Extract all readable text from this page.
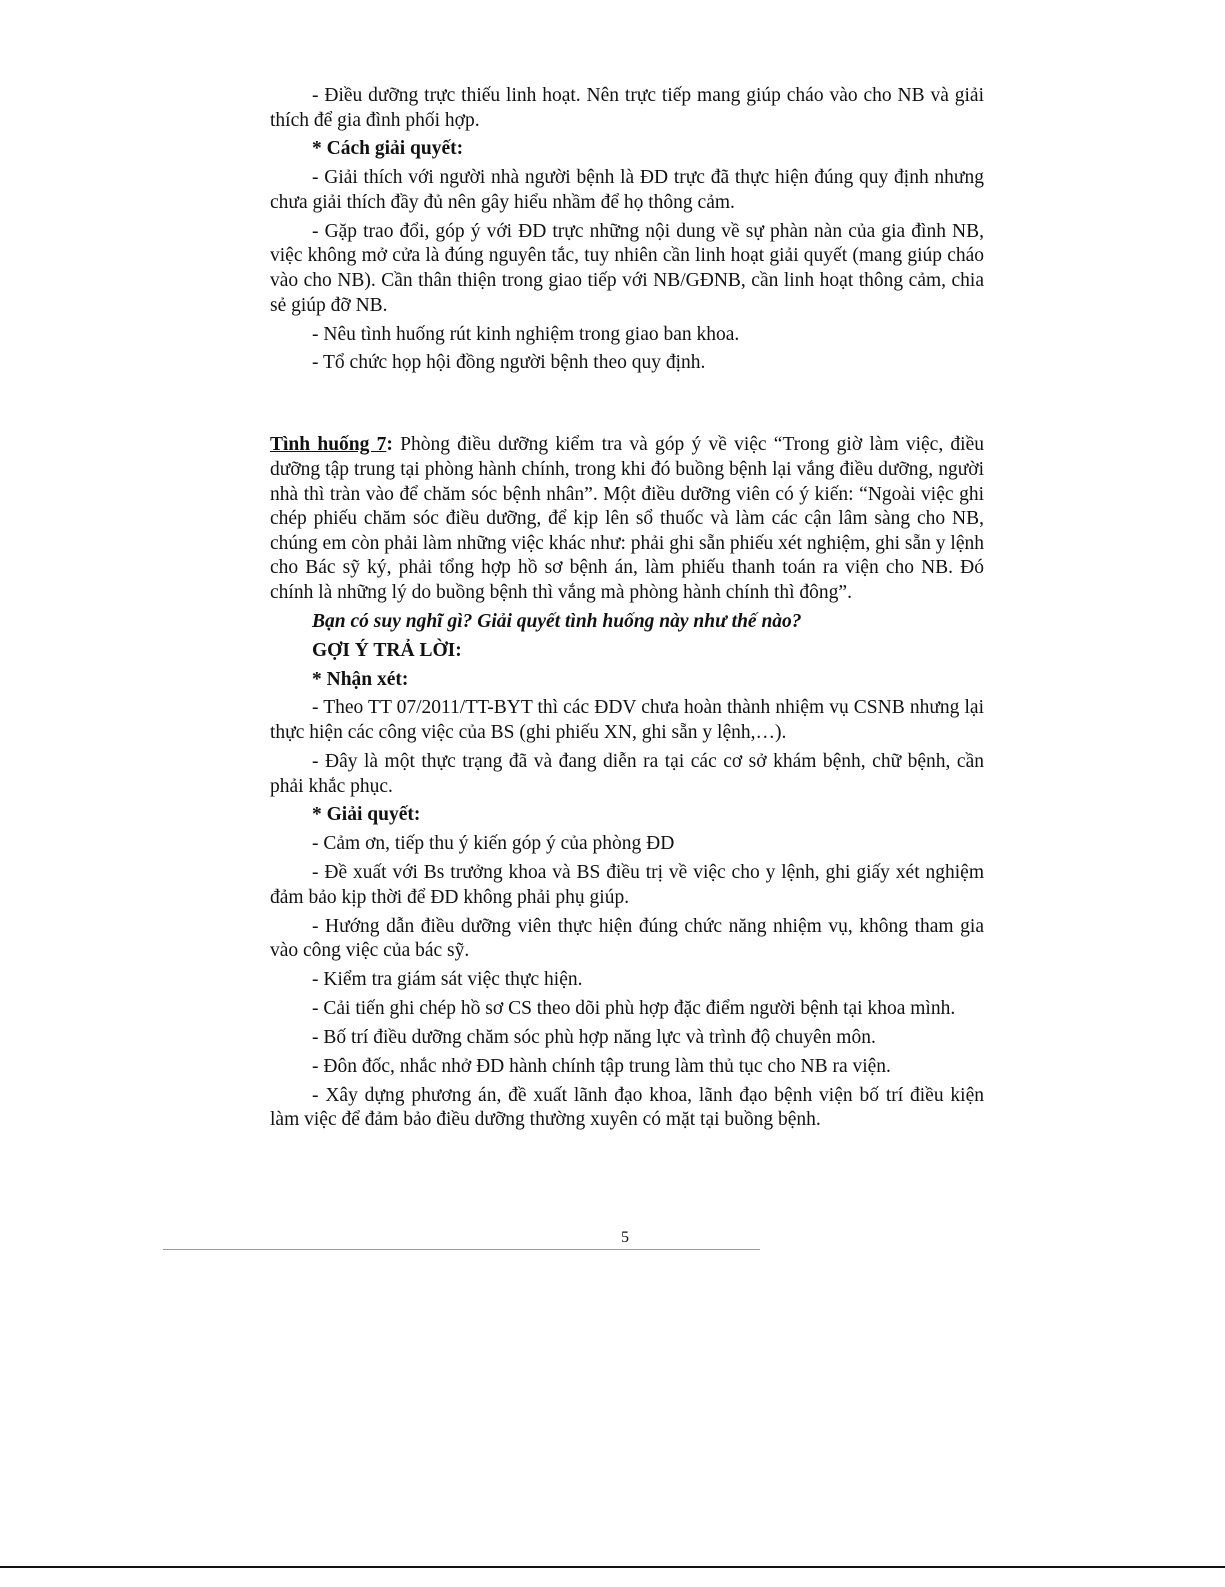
- Điều dưỡng trực thiếu linh hoạt. Nên trực tiếp mang giúp cháo vào cho NB và giải thích để gia đình phối hợp.

* Cách giải quyết:

- Giải thích với người nhà người bệnh là ĐD trực đã thực hiện đúng quy định nhưng chưa giải thích đầy đủ nên gây hiểu nhầm để họ thông cảm.

- Gặp trao đổi, góp ý với ĐD trực những nội dung về sự phàn nàn của gia đình NB, việc không mở cửa là đúng nguyên tắc, tuy nhiên cần linh hoạt giải quyết (mang giúp cháo vào cho NB). Cần thân thiện trong giao tiếp với NB/GĐNB, cần linh hoạt thông cảm, chia sẻ giúp đỡ NB.

- Nêu tình huống rút kinh nghiệm trong giao ban khoa.

- Tổ chức họp hội đồng người bệnh theo quy định.

Tình huống 7: Phòng điều dưỡng kiểm tra và góp ý về việc “Trong giờ làm việc, điều dưỡng tập trung tại phòng hành chính, trong khi đó buồng bệnh lại vắng điều dưỡng, người nhà thì tràn vào để chăm sóc bệnh nhân”. Một điều dưỡng viên có ý kiến: “Ngoài việc ghi chép phiếu chăm sóc điều dưỡng, để kịp lên sổ thuốc và làm các cận lâm sàng cho NB, chúng em còn phải làm những việc khác như: phải ghi sẵn phiếu xét nghiệm, ghi sẵn y lệnh cho Bác sỹ ký, phải tổng hợp hồ sơ bệnh án, làm phiếu thanh toán ra viện cho NB. Đó chính là những lý do buồng bệnh thì vắng mà phòng hành chính thì đông”.

Bạn có suy nghĩ gì? Giải quyết tình huống này như thế nào?

GỢI Ý TRẢ LỜI:

* Nhận xét:

- Theo TT 07/2011/TT-BYT thì các ĐDV chưa hoàn thành nhiệm vụ CSNB nhưng lại thực hiện các công việc của BS (ghi phiếu XN, ghi sẵn y lệnh,…).

- Đây là một thực trạng đã và đang diễn ra tại các cơ sở khám bệnh, chữ bệnh, cần phải khắc phục.

* Giải quyết:

- Cảm ơn, tiếp thu ý kiến góp ý của phòng ĐD

- Đề xuất với Bs trưởng khoa và BS điều trị về việc cho y lệnh, ghi giấy xét nghiệm đảm bảo kịp thời để ĐD không phải phụ giúp.

- Hướng dẫn điều dưỡng viên thực hiện đúng chức năng nhiệm vụ, không tham gia vào công việc của bác sỹ.

- Kiểm tra giám sát việc thực hiện.

- Cải tiến ghi chép hồ sơ CS theo dõi phù hợp đặc điểm người bệnh tại khoa mình.

- Bố trí điều dưỡng chăm sóc phù hợp năng lực và trình độ chuyên môn.

- Đôn đốc, nhắc nhở ĐD hành chính tập trung làm thủ tục cho NB ra viện.

- Xây dựng phương án, đề xuất lãnh đạo khoa, lãnh đạo bệnh viện bố trí điều kiện làm việc để đảm bảo điều dưỡng thường xuyên có mặt tại buồng bệnh.

5
